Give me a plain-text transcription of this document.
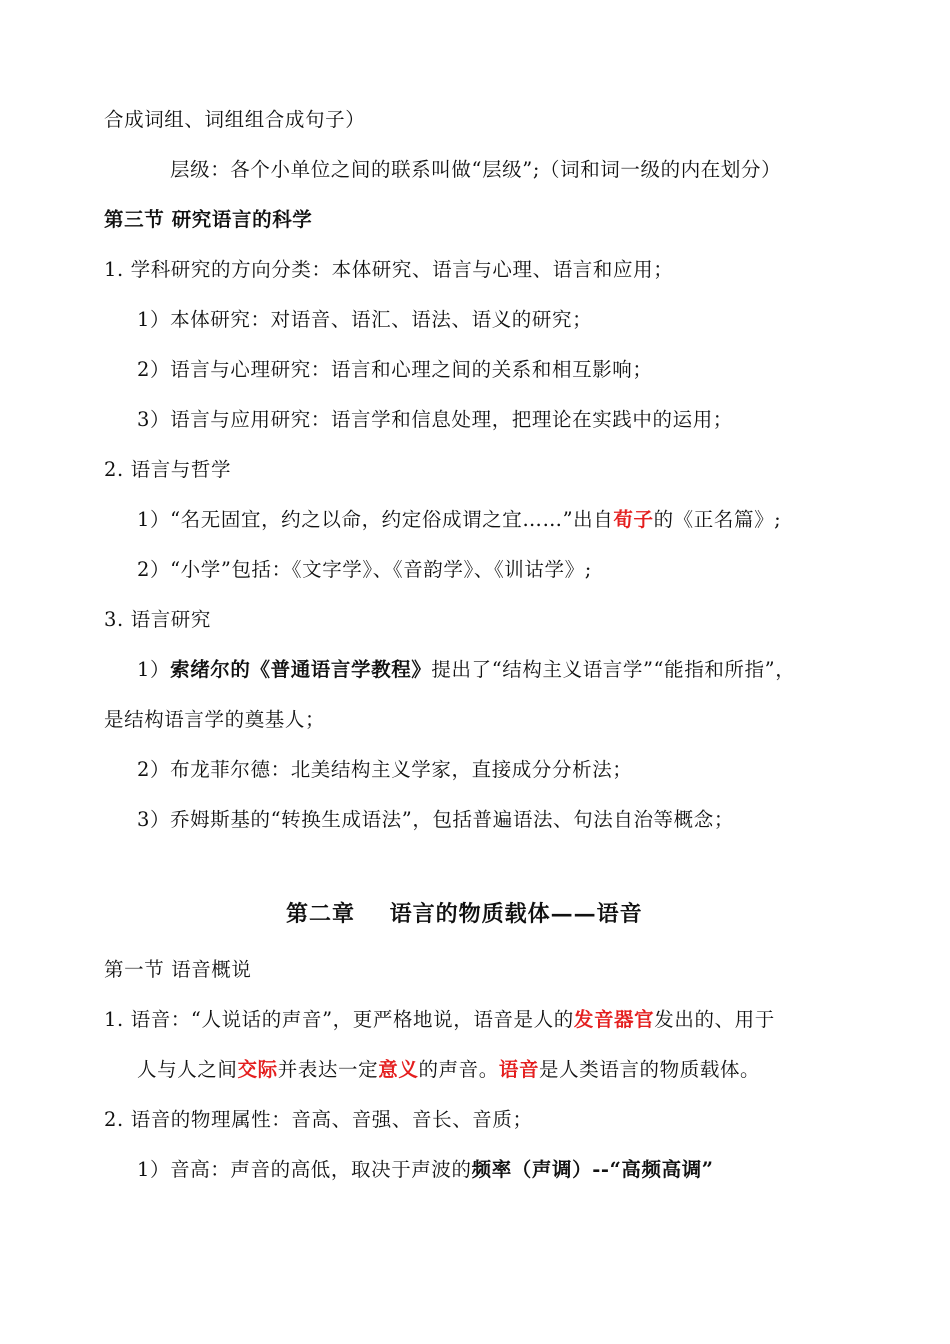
合成词组、词组组合成句子）
层级：各个小单位之间的联系叫做“层级”;（词和词一级的内在划分）
第三节 研究语言的科学
1. 学科研究的方向分类：本体研究、语言与心理、语言和应用；
1）本体研究：对语音、语汇、语法、语义的研究；
2）语言与心理研究：语言和心理之间的关系和相互影响；
3）语言与应用研究：语言学和信息处理，把理论在实践中的运用；
2. 语言与哲学
1）“名无固宜，约之以命，约定俗成谓之宜……”出自荀子的《正名篇》;
2）“小学”包括：《文字学》、《音韵学》、《训诂学》;
3. 语言研究
1）索绪尔的《普通语言学教程》提出了“结构主义语言学”“能指和所指”，
是结构语言学的奠基人；
2）布龙菲尔德：北美结构主义学家，直接成分分析法；
3）乔姆斯基的“转换生成语法”，包括普遍语法、句法自治等概念；
第二章    语言的物质载体——语音
第一节 语音概说
1. 语音：“人说话的声音”，更严格地说，语音是人的发音器官发出的、用于
人与人之间交际并表达一定意义的声音。语音是人类语言的物质载体。
2. 语音的物理属性：音高、音强、音长、音质；
1）音高：声音的高低，取决于声波的频率（声调）--“高频高调”
